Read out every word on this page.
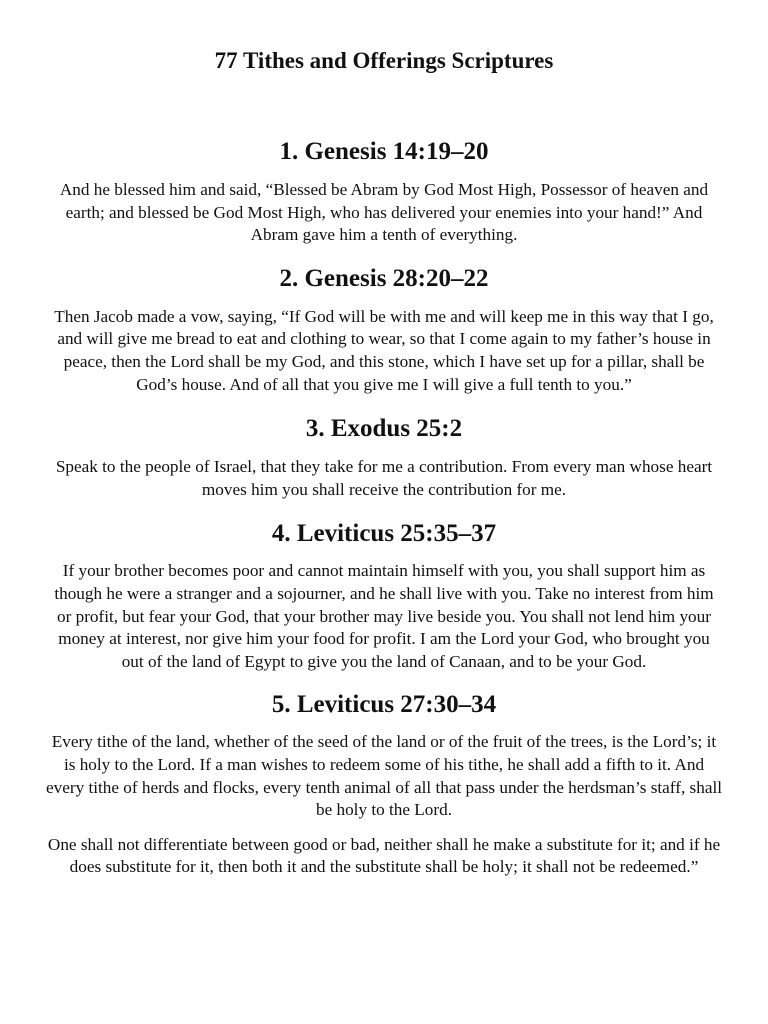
77 Tithes and Offerings Scriptures
1. Genesis 14:19–20

And he blessed him and said, “Blessed be Abram by God Most High, Possessor of heaven and earth; and blessed be God Most High, who has delivered your enemies into your hand!” And Abram gave him a tenth of everything.

2. Genesis 28:20–22

Then Jacob made a vow, saying, “If God will be with me and will keep me in this way that I go, and will give me bread to eat and clothing to wear, so that I come again to my father’s house in peace, then the Lord shall be my God, and this stone, which I have set up for a pillar, shall be God’s house. And of all that you give me I will give a full tenth to you.”

3. Exodus 25:2

Speak to the people of Israel, that they take for me a contribution. From every man whose heart moves him you shall receive the contribution for me.

4. Leviticus 25:35–37

If your brother becomes poor and cannot maintain himself with you, you shall support him as though he were a stranger and a sojourner, and he shall live with you. Take no interest from him or profit, but fear your God, that your brother may live beside you. You shall not lend him your money at interest, nor give him your food for profit. I am the Lord your God, who brought you out of the land of Egypt to give you the land of Canaan, and to be your God.

5. Leviticus 27:30–34

Every tithe of the land, whether of the seed of the land or of the fruit of the trees, is the Lord’s; it is holy to the Lord. If a man wishes to redeem some of his tithe, he shall add a fifth to it. And every tithe of herds and flocks, every tenth animal of all that pass under the herdsman’s staff, shall be holy to the Lord.

One shall not differentiate between good or bad, neither shall he make a substitute for it; and if he does substitute for it, then both it and the substitute shall be holy; it shall not be redeemed.”
